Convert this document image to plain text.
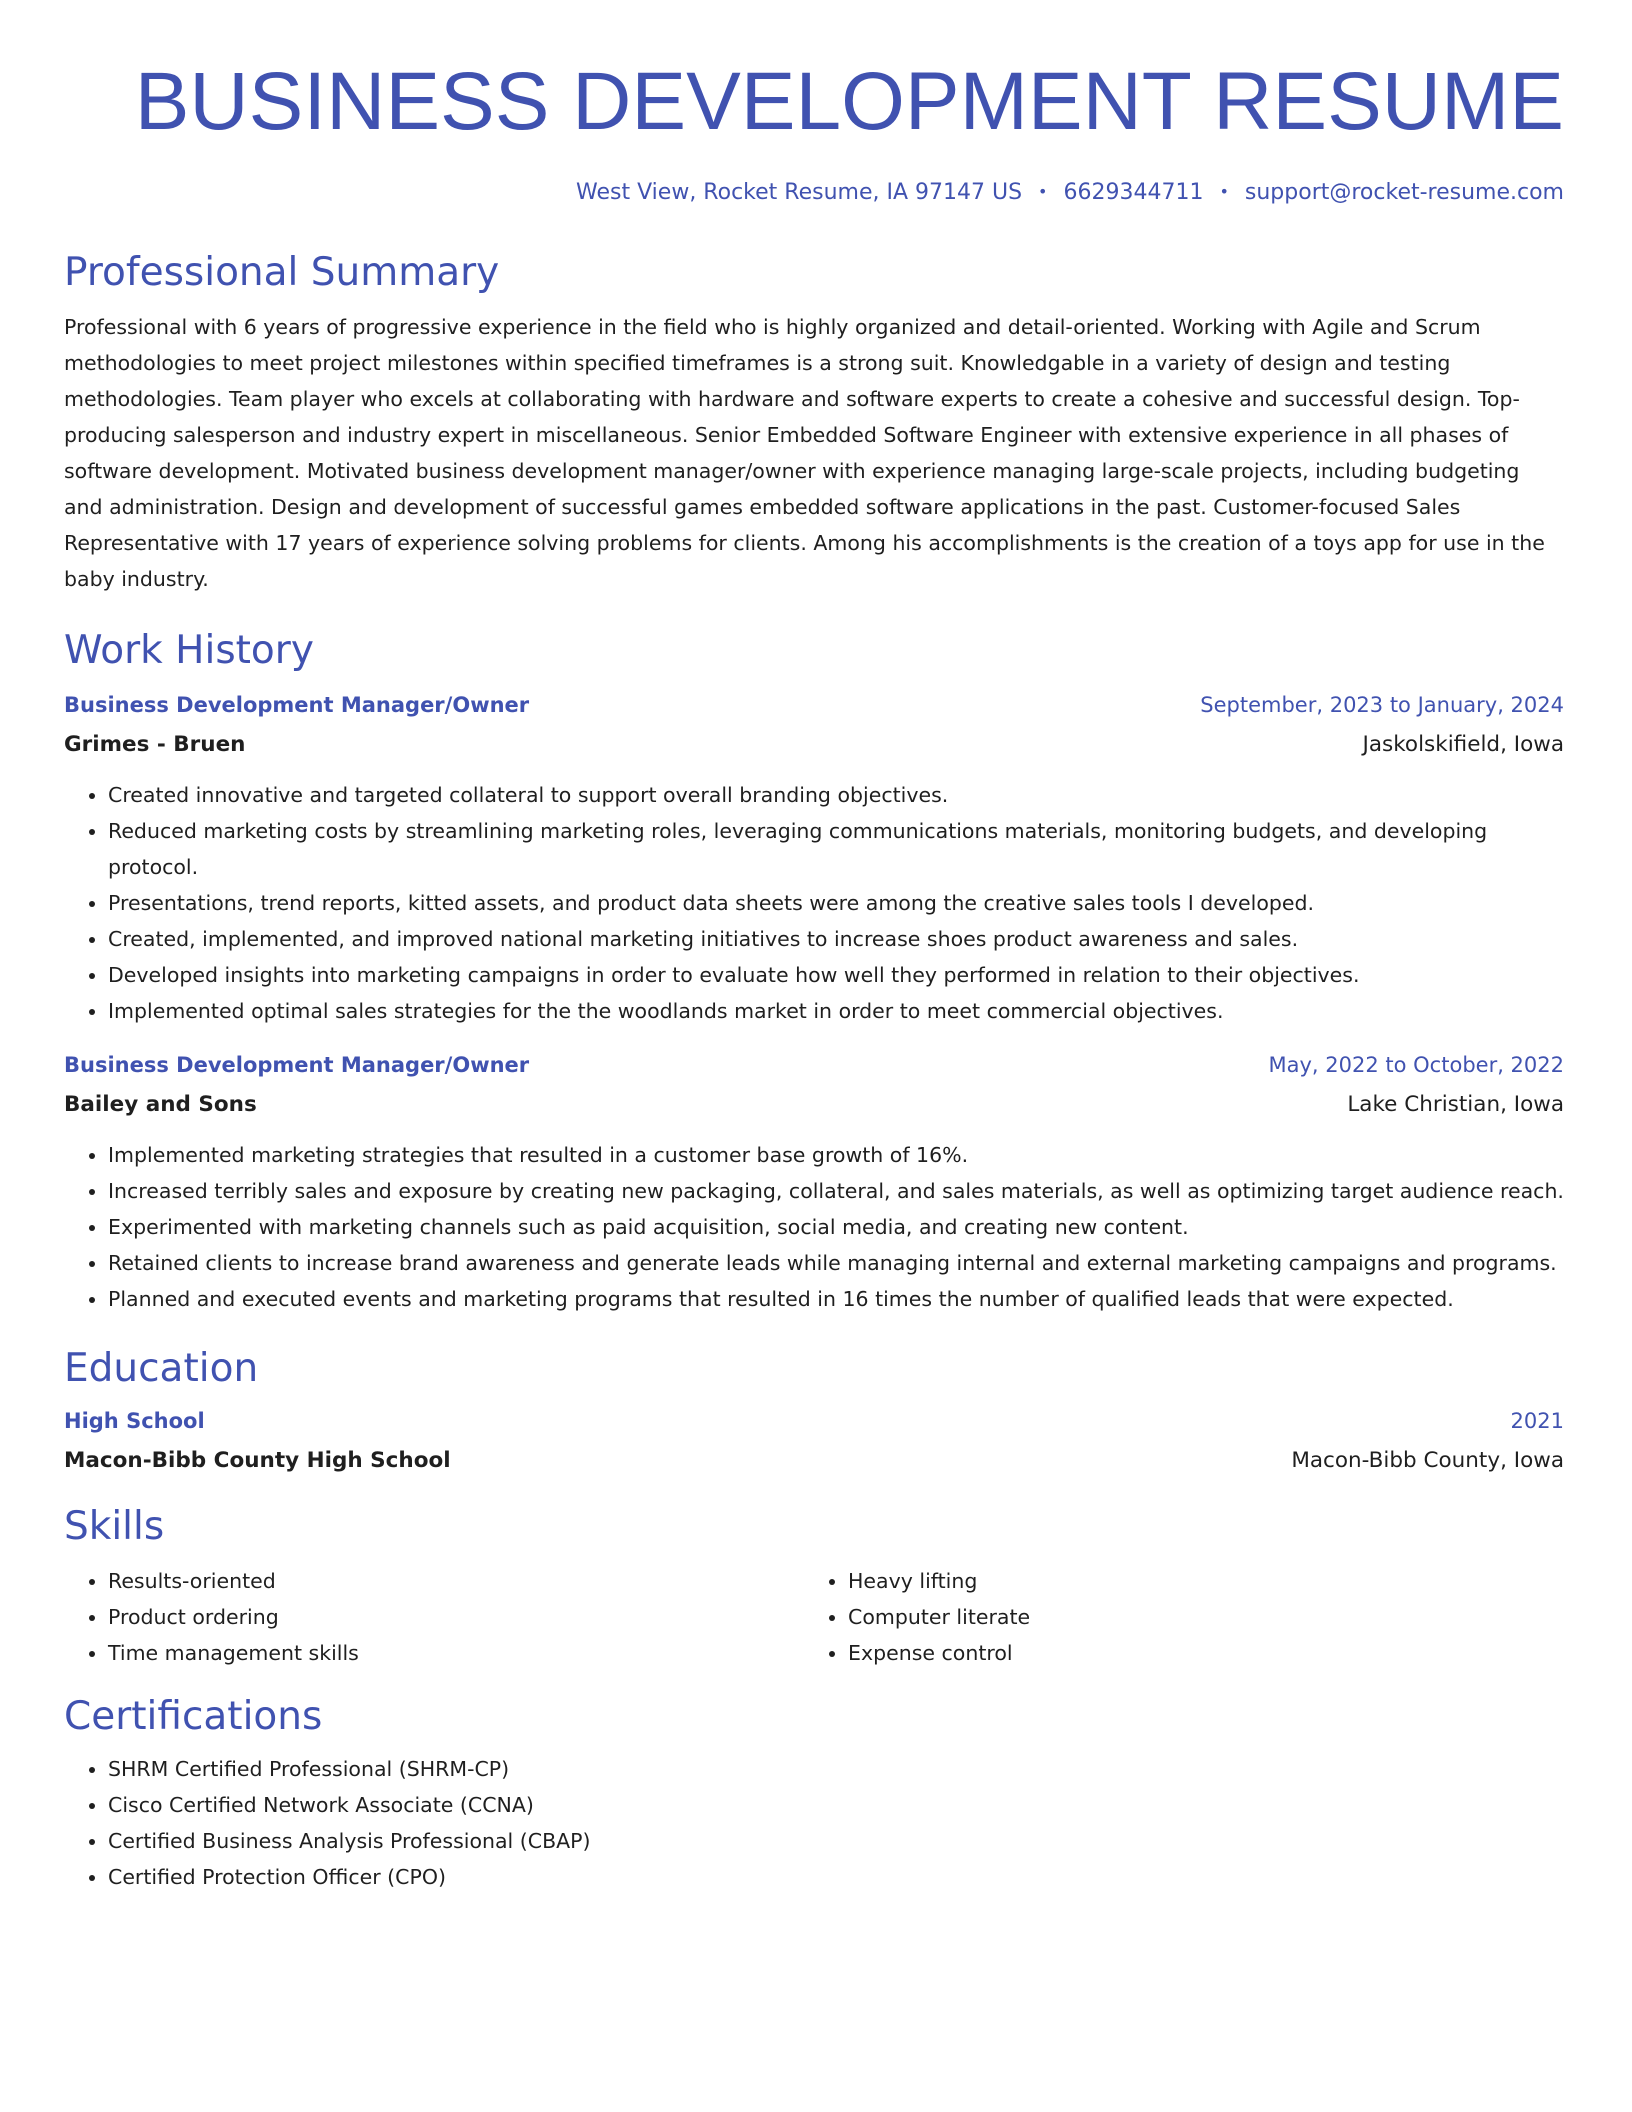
BUSINESS DEVELOPMENT RESUME
West View, Rocket Resume, IA 97147 US • 6629344711 • support@rocket-resume.com
Professional Summary

Professional with 6 years of progressive experience in the field who is highly organized and detail-oriented. Working with Agile and Scrum methodologies to meet project milestones within specified timeframes is a strong suit. Knowledgable in a variety of design and testing methodologies. Team player who excels at collaborating with hardware and software experts to create a cohesive and successful design. Top-producing salesperson and industry expert in miscellaneous. Senior Embedded Software Engineer with extensive experience in all phases of software development. Motivated business development manager/owner with experience managing large-scale projects, including budgeting and administration. Design and development of successful games embedded software applications in the past. Customer-focused Sales Representative with 17 years of experience solving problems for clients. Among his accomplishments is the creation of a toys app for use in the baby industry.

Work History
Business Development Manager/Owner	September, 2023 to January, 2024
Grimes - Bruen	Jaskolskifield, Iowa
• Created innovative and targeted collateral to support overall branding objectives.
• Reduced marketing costs by streamlining marketing roles, leveraging communications materials, monitoring budgets, and developing protocol.
• Presentations, trend reports, kitted assets, and product data sheets were among the creative sales tools I developed.
• Created, implemented, and improved national marketing initiatives to increase shoes product awareness and sales.
• Developed insights into marketing campaigns in order to evaluate how well they performed in relation to their objectives.
• Implemented optimal sales strategies for the the woodlands market in order to meet commercial objectives.
Business Development Manager/Owner	May, 2022 to October, 2022
Bailey and Sons	Lake Christian, Iowa
• Implemented marketing strategies that resulted in a customer base growth of 16%.
• Increased terribly sales and exposure by creating new packaging, collateral, and sales materials, as well as optimizing target audience reach.
• Experimented with marketing channels such as paid acquisition, social media, and creating new content.
• Retained clients to increase brand awareness and generate leads while managing internal and external marketing campaigns and programs.
• Planned and executed events and marketing programs that resulted in 16 times the number of qualified leads that were expected.
Education
High School	2021
Macon-Bibb County High School	Macon-Bibb County, Iowa
Skills
• Results-oriented
• Product ordering
• Time management skills
• Heavy lifting
• Computer literate
• Expense control
Certifications
• SHRM Certified Professional (SHRM-CP)
• Cisco Certified Network Associate (CCNA)
• Certified Business Analysis Professional (CBAP)
• Certified Protection Officer (CPO)
